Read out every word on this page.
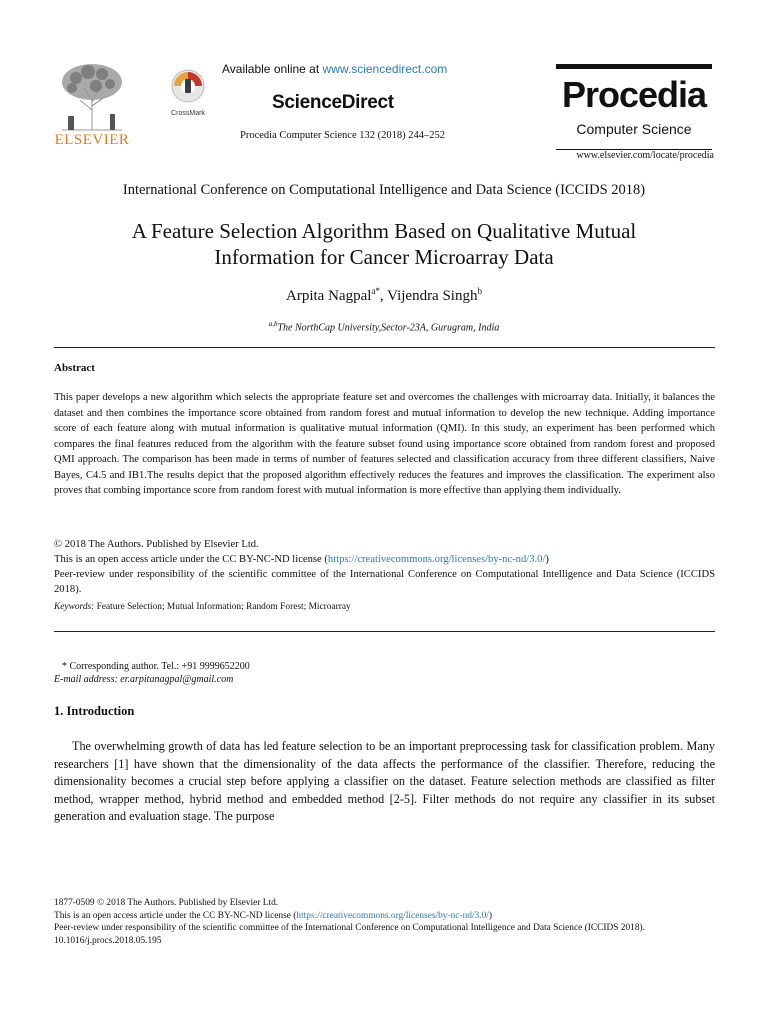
ELSEVIER
CrossMark
Available online at www.sciencedirect.com
ScienceDirect
Procedia Computer Science 132 (2018) 244–252
Procedia
Computer Science
www.elsevier.com/locate/procedia
International Conference on Computational Intelligence and Data Science (ICCIDS 2018)
A Feature Selection Algorithm Based on Qualitative Mutual
Information for Cancer Microarray Data
Arpita Nagpal$^{a*}$, Vijendra Singh$^b$
$^{a,b}$The NorthCap University,Sector-23A, Gurugram, India
Abstract
This paper develops a new algorithm which selects the appropriate feature set and overcomes the challenges with microarray data. Initially, it balances the dataset and then combines the importance score obtained from random forest and mutual information to develop the new technique. Adding importance score of each feature along with mutual information is qualitative mutual information (QMI). In this study, an experiment has been performed which compares the final features reduced from the algorithm with the feature subset found using importance score obtained from random forest and proposed QMI approach. The comparison has been made in terms of number of features selected and classification accuracy from three different classifiers, Naive Bayes, C4.5 and IB1.The results depict that the proposed algorithm effectively reduces the features and improves the classification. The experiment also proves that combing importance score from random forest with mutual information is more effective than applying them individually.
© 2018 The Authors. Published by Elsevier Ltd.
This is an open access article under the CC BY-NC-ND license (https://creativecommons.org/licenses/by-nc-nd/3.0/)
Peer-review under responsibility of the scientific committee of the International Conference on Computational Intelligence and Data Science (ICCIDS 2018).
Keywords: Feature Selection; Mutual Information; Random Forest; Microarray
* Corresponding author. Tel.: +91 9999652200
E-mail address: er.arpitanagpal@gmail.com
1. Introduction
The overwhelming growth of data has led feature selection to be an important preprocessing task for classification problem. Many researchers [1] have shown that the dimensionality of the data affects the performance of the classifier. Therefore, reducing the dimensionality becomes a crucial step before applying a classifier on the dataset. Feature selection methods are classified as filter method, wrapper method, hybrid method and embedded method [2-5]. Filter methods do not require any classifier in its subset generation and evaluation stage. The purpose
1877-0509 © 2018 The Authors. Published by Elsevier Ltd.
This is an open access article under the CC BY-NC-ND license (https://creativecommons.org/licenses/by-nc-nd/3.0/)
Peer-review under responsibility of the scientific committee of the International Conference on Computational Intelligence and Data Science (ICCIDS 2018).
10.1016/j.procs.2018.05.195
